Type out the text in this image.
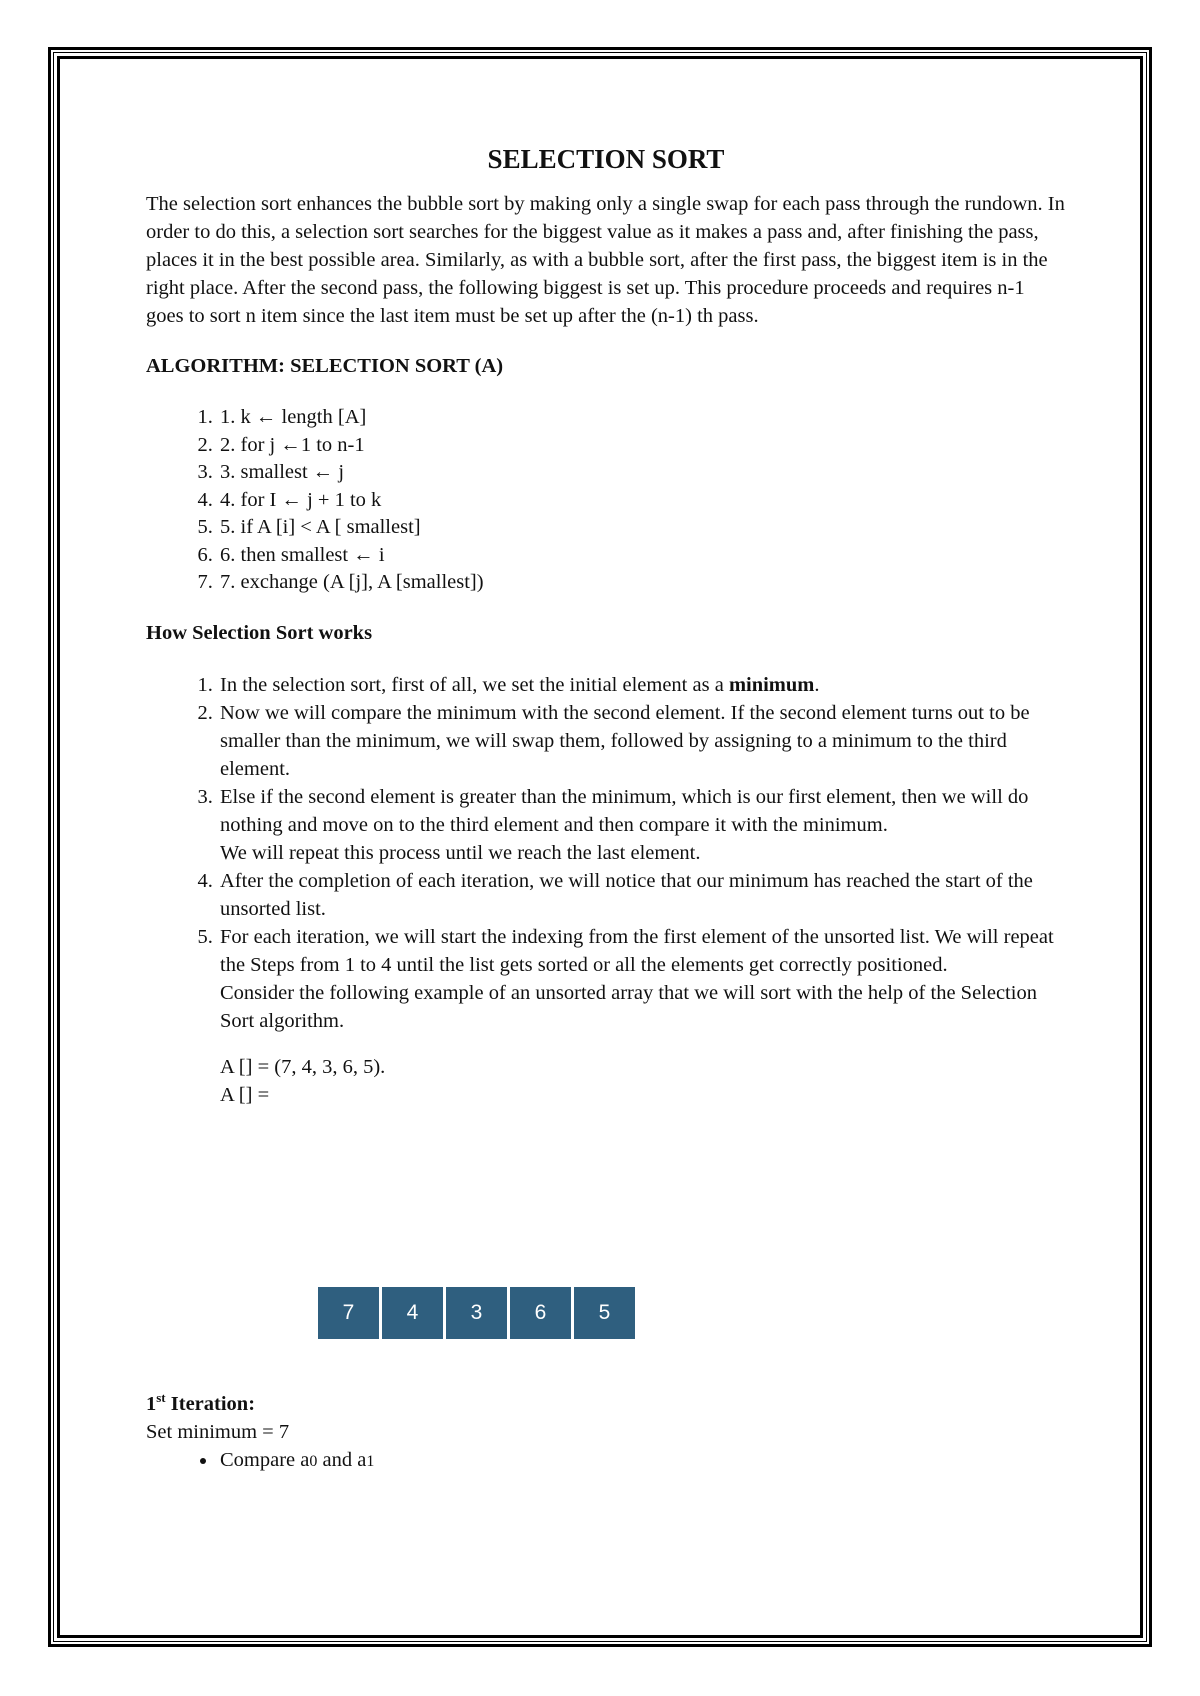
SELECTION SORT

The selection sort enhances the bubble sort by making only a single swap for each pass through the rundown. In order to do this, a selection sort searches for the biggest value as it makes a pass and, after finishing the pass, places it in the best possible area. Similarly, as with a bubble sort, after the first pass, the biggest item is in the right place. After the second pass, the following biggest is set up. This procedure proceeds and requires n-1 goes to sort n item since the last item must be set up after the (n-1) th pass.

ALGORITHM: SELECTION SORT (A)

1. 1. k ← length [A]
2. 2. for j ←1 to n-1
3. 3. smallest ← j
4. 4. for I ← j + 1 to k
5. 5. if A [i] < A [ smallest]
6. 6. then smallest ← i
7. 7. exchange (A [j], A [smallest])

How Selection Sort works

1. In the selection sort, first of all, we set the initial element as a minimum.
2. Now we will compare the minimum with the second element. If the second element turns out to be smaller than the minimum, we will swap them, followed by assigning to a minimum to the third element.
3. Else if the second element is greater than the minimum, which is our first element, then we will do nothing and move on to the third element and then compare it with the minimum.
We will repeat this process until we reach the last element.
4. After the completion of each iteration, we will notice that our minimum has reached the start of the unsorted list.
5. For each iteration, we will start the indexing from the first element of the unsorted list. We will repeat the Steps from 1 to 4 until the list gets sorted or all the elements get correctly positioned.
Consider the following example of an unsorted array that we will sort with the help of the Selection Sort algorithm.

A [] = (7, 4, 3, 6, 5).

A [] =

7	4	3	6	5

1st Iteration:

Set minimum = 7

• Compare a0 and a1
